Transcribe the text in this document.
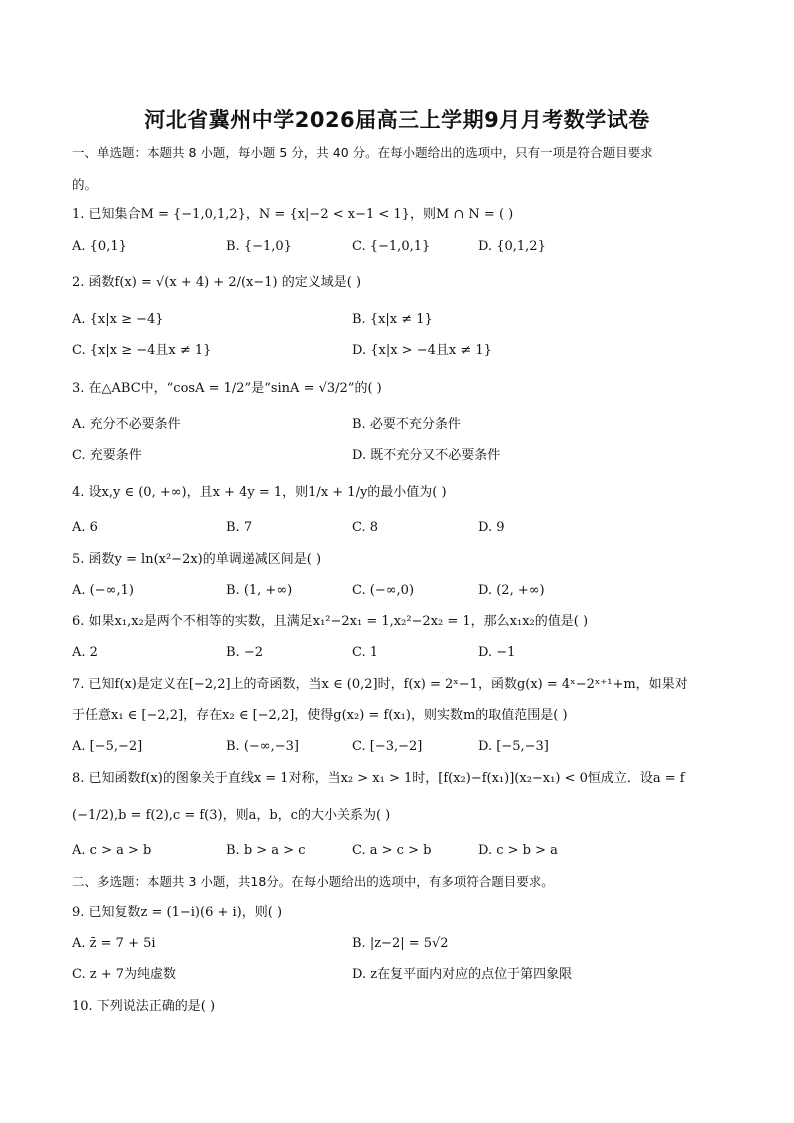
河北省冀州中学2026届高三上学期9月月考数学试卷
一、单选题：本题共 8 小题，每小题 5 分，共 40 分。在每小题给出的选项中，只有一项是符合题目要求
的。
1. 已知集合M = {−1,0,1,2}，N = {x|−2 < x−1 < 1}，则M ∩ N = ( )
A. {0,1}	B. {−1,0}	C. {−1,0,1}	D. {0,1,2}
2. 函数f(x) = √(x + 4) + 2/(x−1) 的定义域是( )
A. {x|x ≥ −4}	B. {x|x ≠ 1}
C. {x|x ≥ −4且x ≠ 1}	D. {x|x > −4且x ≠ 1}
3. 在△ABC中，“cosA = 1/2”是“sinA = √3/2”的( )
A. 充分不必要条件	B. 必要不充分条件
C. 充要条件	D. 既不充分又不必要条件
4. 设x,y ∈ (0, +∞)，且x + 4y = 1，则1/x + 1/y的最小值为( )
A. 6	B. 7	C. 8	D. 9
5. 函数y = ln(x²−2x)的单调递减区间是( )
A. (−∞,1)	B. (1, +∞)	C. (−∞,0)	D. (2, +∞)
6. 如果x₁,x₂是两个不相等的实数，且满足x₁²−2x₁ = 1,x₂²−2x₂ = 1，那么x₁x₂的值是( )
A. 2	B. −2	C. 1	D. −1
7. 已知f(x)是定义在[−2,2]上的奇函数，当x ∈ (0,2]时，f(x) = 2ˣ−1，函数g(x) = 4ˣ−2ˣ⁺¹+m，如果对
于任意x₁ ∈ [−2,2]，存在x₂ ∈ [−2,2]，使得g(x₂) = f(x₁)，则实数m的取值范围是( )
A. [−5,−2]	B. (−∞,−3]	C. [−3,−2]	D. [−5,−3]
8. 已知函数f(x)的图象关于直线x = 1对称，当x₂ > x₁ > 1时，[f(x₂)−f(x₁)](x₂−x₁) < 0恒成立．设a = f
(−1/2),b = f(2),c = f(3)，则a，b，c的大小关系为( )
A. c > a > b	B. b > a > c	C. a > c > b	D. c > b > a
二、多选题：本题共 3 小题，共18分。在每小题给出的选项中，有多项符合题目要求。
9. 已知复数z = (1−i)(6 + i)，则( )
A. z̄ = 7 + 5i	B. |z−2| = 5√2
C. z + 7为纯虚数	D. z在复平面内对应的点位于第四象限
10. 下列说法正确的是( )
